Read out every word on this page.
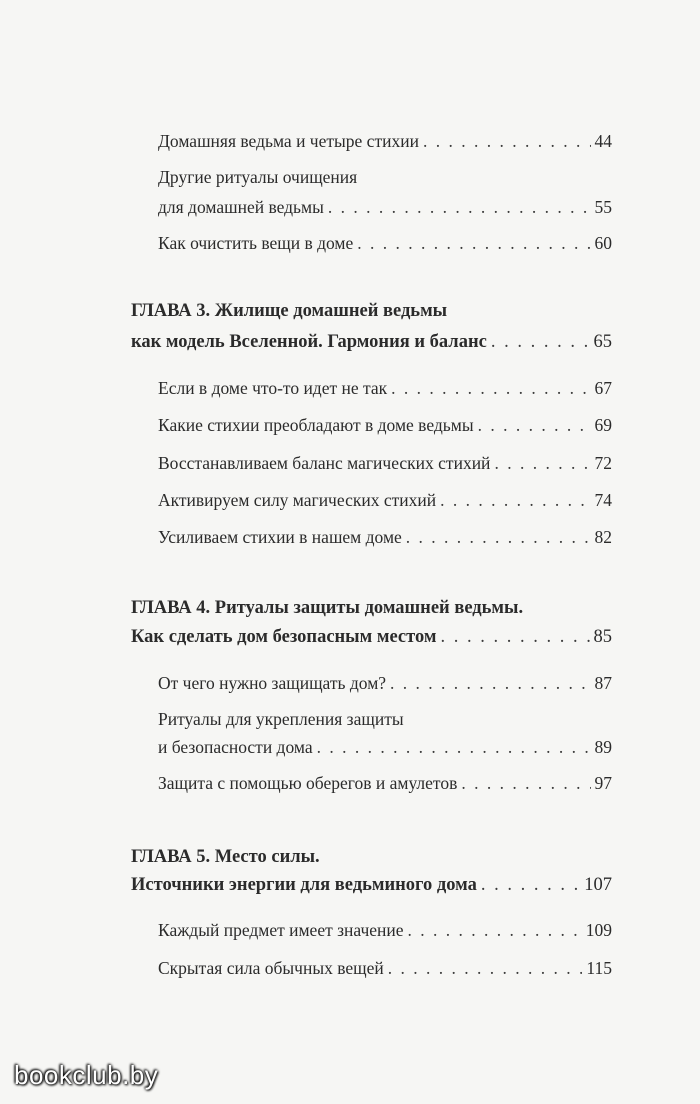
Домашняя ведьма и четыре стихии . . .	44
Другие ритуалы очищения
для домашней ведьмы . . .	55
Как очистить вещи в доме . . .	60
ГЛАВА 3. Жилище домашней ведьмы
как модель Вселенной. Гармония и баланс . . .	65
Если в доме что-то идет не так . . .	67
Какие стихии преобладают в доме ведьмы . . .	69
Восстанавливаем баланс магических стихий . . .	72
Активируем силу магических стихий . . .	74
Усиливаем стихии в нашем доме . . .	82
ГЛАВА 4. Ритуалы защиты домашней ведьмы.
Как сделать дом безопасным местом . . .	85
От чего нужно защищать дом? . . .	87
Ритуалы для укрепления защиты
и безопасности дома . . .	89
Защита с помощью оберегов и амулетов . . .	97
ГЛАВА 5. Место силы.
Источники энергии для ведьминого дома . . .	107
Каждый предмет имеет значение . . .	109
Скрытая сила обычных вещей . . .	115
bookclub.by
